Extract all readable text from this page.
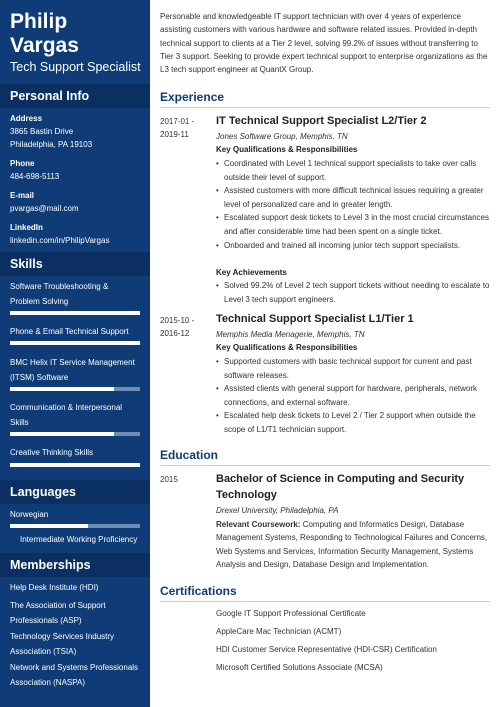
Philip
Vargas
Tech Support Specialist
Personal Info
Address
3865 Bastin Drive
Philadelphia, PA 19103
Phone
484-698-5113
E-mail
pvargas@mail.com
LinkedIn
linkedin.com/in/PhilipVargas
Skills
Software Troubleshooting & Problem Solving
Phone & Email Technical Support
BMC Helix IT Service Management (ITSM) Software
Communication & Interpersonal Skills
Creative Thinking Skills
Languages
Norwegian
Intermediate Working Proficiency
Memberships
Help Desk Institute (HDI)
The Association of Support Professionals (ASP)
Technology Services Industry Association (TSIA)
Network and Systems Professionals Association (NASPA)
Personable and knowledgeable IT support technician with over 4 years of experience assisting customers with various hardware and software related issues. Provided in-depth technical support to clients at a Tier 2 level, solving 99.2% of issues without transferring to Tier 3 support. Seeking to provide expert technical support to enterprise organizations as the L3 tech support engineer at QuantX Group.
Experience
2017-01 -
2019-11
IT Technical Support Specialist L2/Tier 2
Jones Software Group, Memphis, TN
Key Qualifications & Responsibilities
• Coordinated with Level 1 technical support specialists to take over calls outside their level of support.
• Assisted customers with more difficult technical issues requiring a greater level of personalized care and in greater length.
• Escalated support desk tickets to Level 3 in the most crucial circumstances and after considerable time had been spent on a single ticket.
• Onboarded and trained all incoming junior tech support specialists.
Key Achievements
• Solved 99.2% of Level 2 tech support tickets without needing to escalate to Level 3 tech support engineers.
2015-10 -
2016-12
Technical Support Specialist L1/Tier 1
Memphis Media Menagerie, Memphis, TN
Key Qualifications & Responsibilities
• Supported customers with basic technical support for current and past software releases.
• Assisted clients with general support for hardware, peripherals, network connections, and external software.
• Escalated help desk tickets to Level 2 / Tier 2 support when outside the scope of L1/T1 technician support.
Education
2015	Bachelor of Science in Computing and Security Technology
Drexel University, Philadelphia, PA
Relevant Coursework: Computing and Informatics Design, Database Management Systems, Responding to Technological Failures and Concerns, Web Systems and Services, Information Security Management, Systems Analysis and Design, Database Design and Implementation.
Certifications
Google IT Support Professional Certificate
AppleCare Mac Technician (ACMT)
HDI Customer Service Representative (HDI-CSR) Certification
Microsoft Certified Solutions Associate (MCSA)
